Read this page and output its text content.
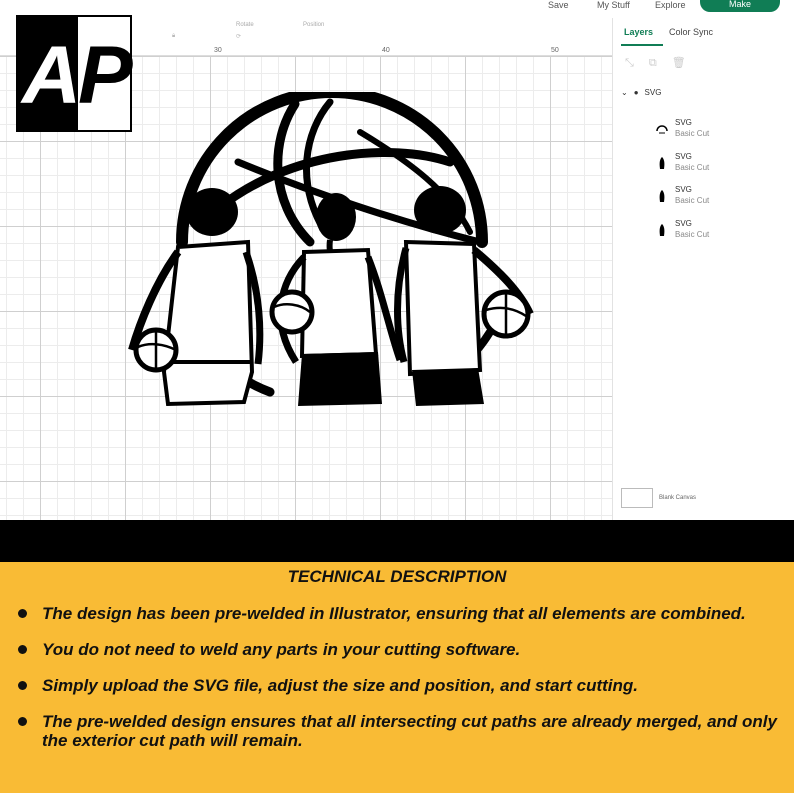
Save	My Stuff	Explore	Make
Rotate
⟳
Position
🔒︎
30	40	50
A
P	Layers Color Sync
⤡ ⧉ 🗑︎
⌄ ● SVG
SVG
Basic Cut
SVG
Basic Cut
SVG
Basic Cut
SVG
Basic Cut
Blank Canvas
TECHNICAL DESCRIPTION
The design has been pre-welded in Illustrator, ensuring that all elements are combined.
You do not need to weld any parts in your cutting software.
Simply upload the SVG file, adjust the size and position, and start cutting.
The pre-welded design ensures that all intersecting cut paths are already merged, and only the exterior cut path will remain.
